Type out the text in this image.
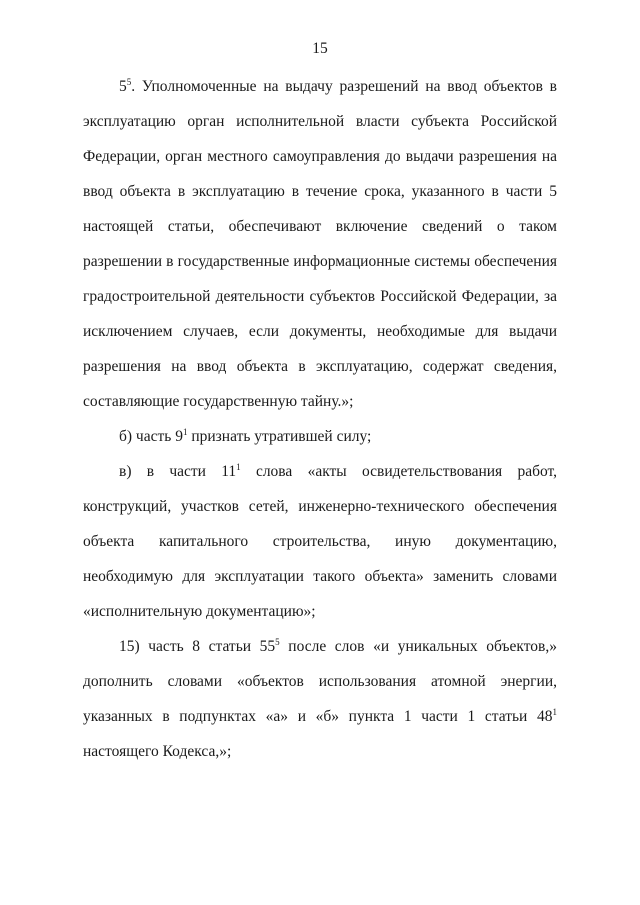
15

$5^5$. Уполномоченные на выдачу разрешений на ввод объектов в эксплуатацию орган исполнительной власти субъекта Российской Федерации, орган местного самоуправления до выдачи разрешения на ввод объекта в эксплуатацию в течение срока, указанного в части 5 настоящей статьи, обеспечивают включение сведений о таком разрешении в государственные информационные системы обеспечения градостроительной деятельности субъектов Российской Федерации, за исключением случаев, если документы, необходимые для выдачи разрешения на ввод объекта в эксплуатацию, содержат сведения, составляющие государственную тайну.»;

б) часть $9^1$ признать утратившей силу;

в) в части $11^1$ слова «акты освидетельствования работ, конструкций, участков сетей, инженерно-технического обеспечения объекта капитального строительства, иную документацию, необходимую для эксплуатации такого объекта» заменить словами «исполнительную документацию»;

15) часть 8 статьи $55^5$ после слов «и уникальных объектов,» дополнить словами «объектов использования атомной энергии, указанных в подпунктах «а» и «б» пункта 1 части 1 статьи $48^1$ настоящего Кодекса,»;
